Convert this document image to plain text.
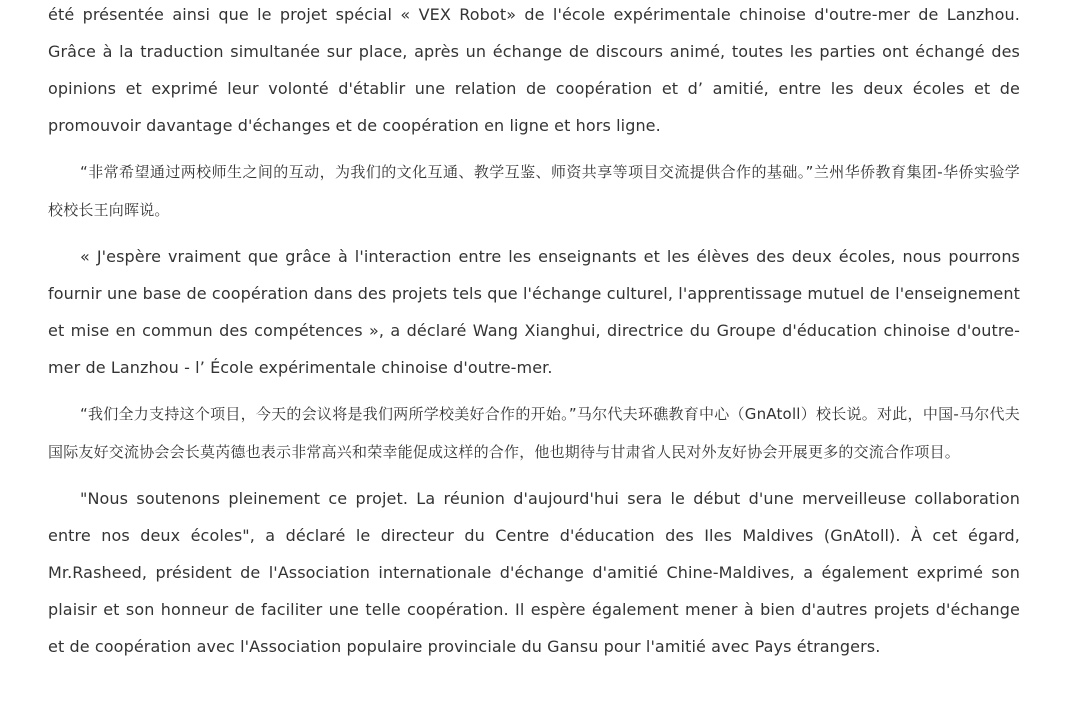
été présentée ainsi que le projet spécial « VEX Robot» de l'école expérimentale chinoise d'outre-mer de Lanzhou. Grâce à la traduction simultanée sur place, après un échange de discours animé, toutes les parties ont échangé des opinions et exprimé leur volonté d'établir une relation de coopération et d’ amitié, entre les deux écoles et de promouvoir davantage d'échanges et de coopération en ligne et hors ligne.

“非常希望通过两校师生之间的互动，为我们的文化互通、教学互鉴、师资共享等项目交流提供合作的基础。”兰州华侨教育集团-华侨实验学校校长王向晖说。

« J'espère vraiment que grâce à l'interaction entre les enseignants et les élèves des deux écoles, nous pourrons fournir une base de coopération dans des projets tels que l'échange culturel, l'apprentissage mutuel de l'enseignement et mise en commun des compétences », a déclaré Wang Xianghui, directrice du Groupe d'éducation chinoise d'outre-mer de Lanzhou - l’ École expérimentale chinoise d'outre-mer.

“我们全力支持这个项目，今天的会议将是我们两所学校美好合作的开始。”马尔代夫环礁教育中心（GnAtoll）校长说。对此，中国-马尔代夫国际友好交流协会会长莫芮德也表示非常高兴和荣幸能促成这样的合作，他也期待与甘肃省人民对外友好协会开展更多的交流合作项目。

"Nous soutenons pleinement ce projet. La réunion d'aujourd'hui sera le début d'une merveilleuse collaboration entre nos deux écoles", a déclaré le directeur du Centre d'éducation des Iles Maldives (GnAtoll). À cet égard, Mr.Rasheed, président de l'Association internationale d'échange d'amitié Chine-Maldives, a également exprimé son plaisir et son honneur de faciliter une telle coopération. Il espère également mener à bien d'autres projets d'échange et de coopération avec l'Association populaire provinciale du Gansu pour l'amitié avec Pays étrangers.
